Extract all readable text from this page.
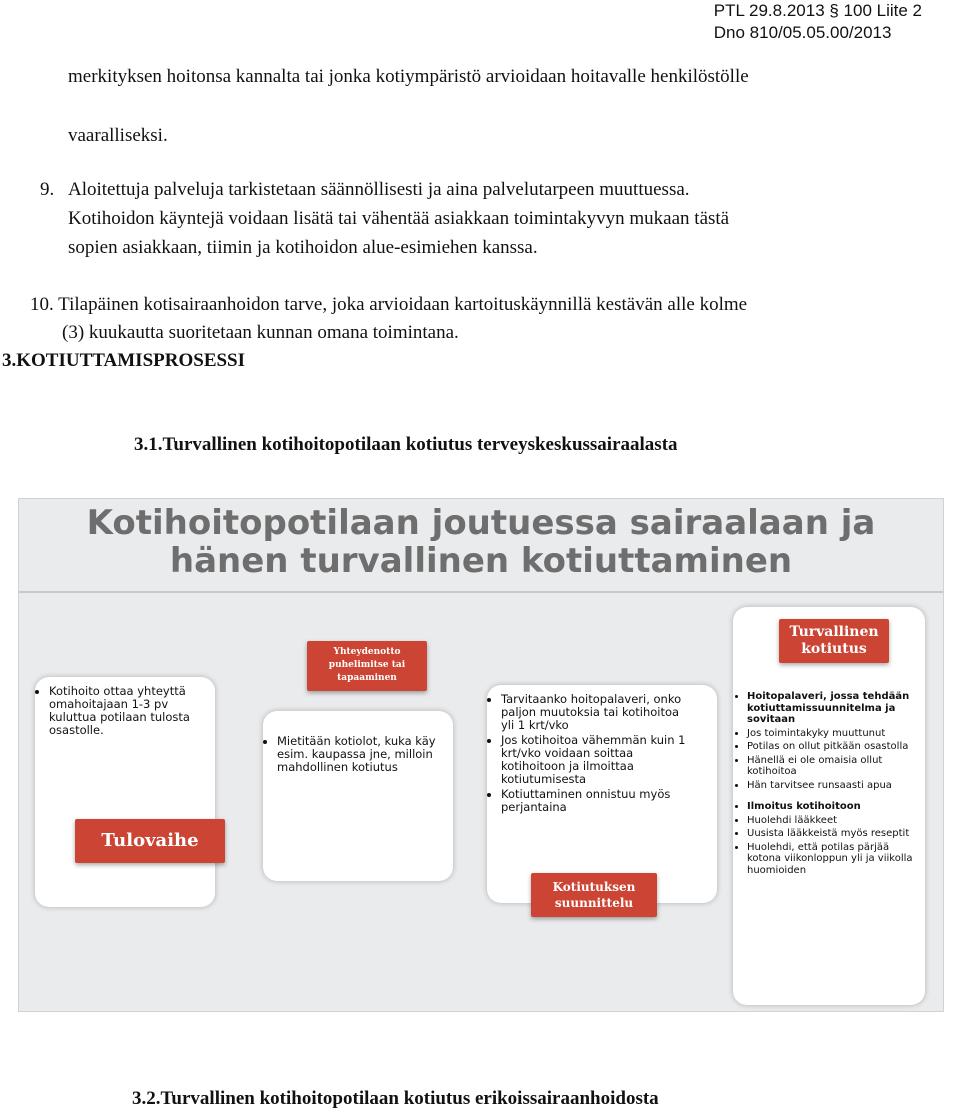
PTL 29.8.2013 § 100 Liite 2
Dno 810/05.05.00/2013
merkityksen hoitonsa kannalta tai jonka kotiympäristö arvioidaan hoitavalle henkilöstölle
vaaralliseksi.
9. Aloitettuja palveluja tarkistetaan säännöllisesti ja aina palvelutarpeen muuttuessa.
Kotihoidon käyntejä voidaan lisätä tai vähentää asiakkaan toimintakyvyn mukaan tästä
sopien asiakkaan, tiimin ja kotihoidon alue-esimiehen kanssa.
10. Tilapäinen kotisairaanhoidon tarve, joka arvioidaan kartoituskäynnillä kestävän alle kolme
(3) kuukautta suoritetaan kunnan omana toimintana.
3.KOTIUTTAMISPROSESSI
3.1.Turvallinen kotihoitopotilaan kotiutus terveyskeskussairaalasta
Kotihoitopotilaan joutuessa sairaalaan ja
hänen turvallinen kotiuttaminen
• Kotihoito ottaa yhteyttä omahoitajaan 1-3 pv kuluttua potilaan tulosta osastolle.
Tulovaihe
• Mietitään kotiolot, kuka käy esim. kaupassa jne, milloin mahdollinen kotiutus
Yhteydenotto
puhelimitse tai
tapaaminen
• Tarvitaanko hoitopalaveri, onko paljon muutoksia tai kotihoitoa yli 1 krt/vko
• Jos kotihoitoa vähemmän kuin 1 krt/vko voidaan soittaa kotihoitoon ja ilmoittaa kotiutumisesta
• Kotiuttaminen onnistuu myös perjantaina
Kotiutuksen
suunnittelu
• Hoitopalaveri, jossa tehdään kotiuttamissuunnitelma ja sovitaan
• Jos toimintakyky muuttunut
• Potilas on ollut pitkään osastolla
• Hänellä ei ole omaisia ollut kotihoitoa
• Hän tarvitsee runsaasti apua
• Ilmoitus kotihoitoon
• Huolehdi lääkkeet
• Uusista lääkkeistä myös reseptit
• Huolehdi, että potilas pärjää kotona viikonloppun yli ja viikolla huomioiden
Turvallinen
kotiutus
3.2.Turvallinen kotihoitopotilaan kotiutus erikoissairaanhoidosta
